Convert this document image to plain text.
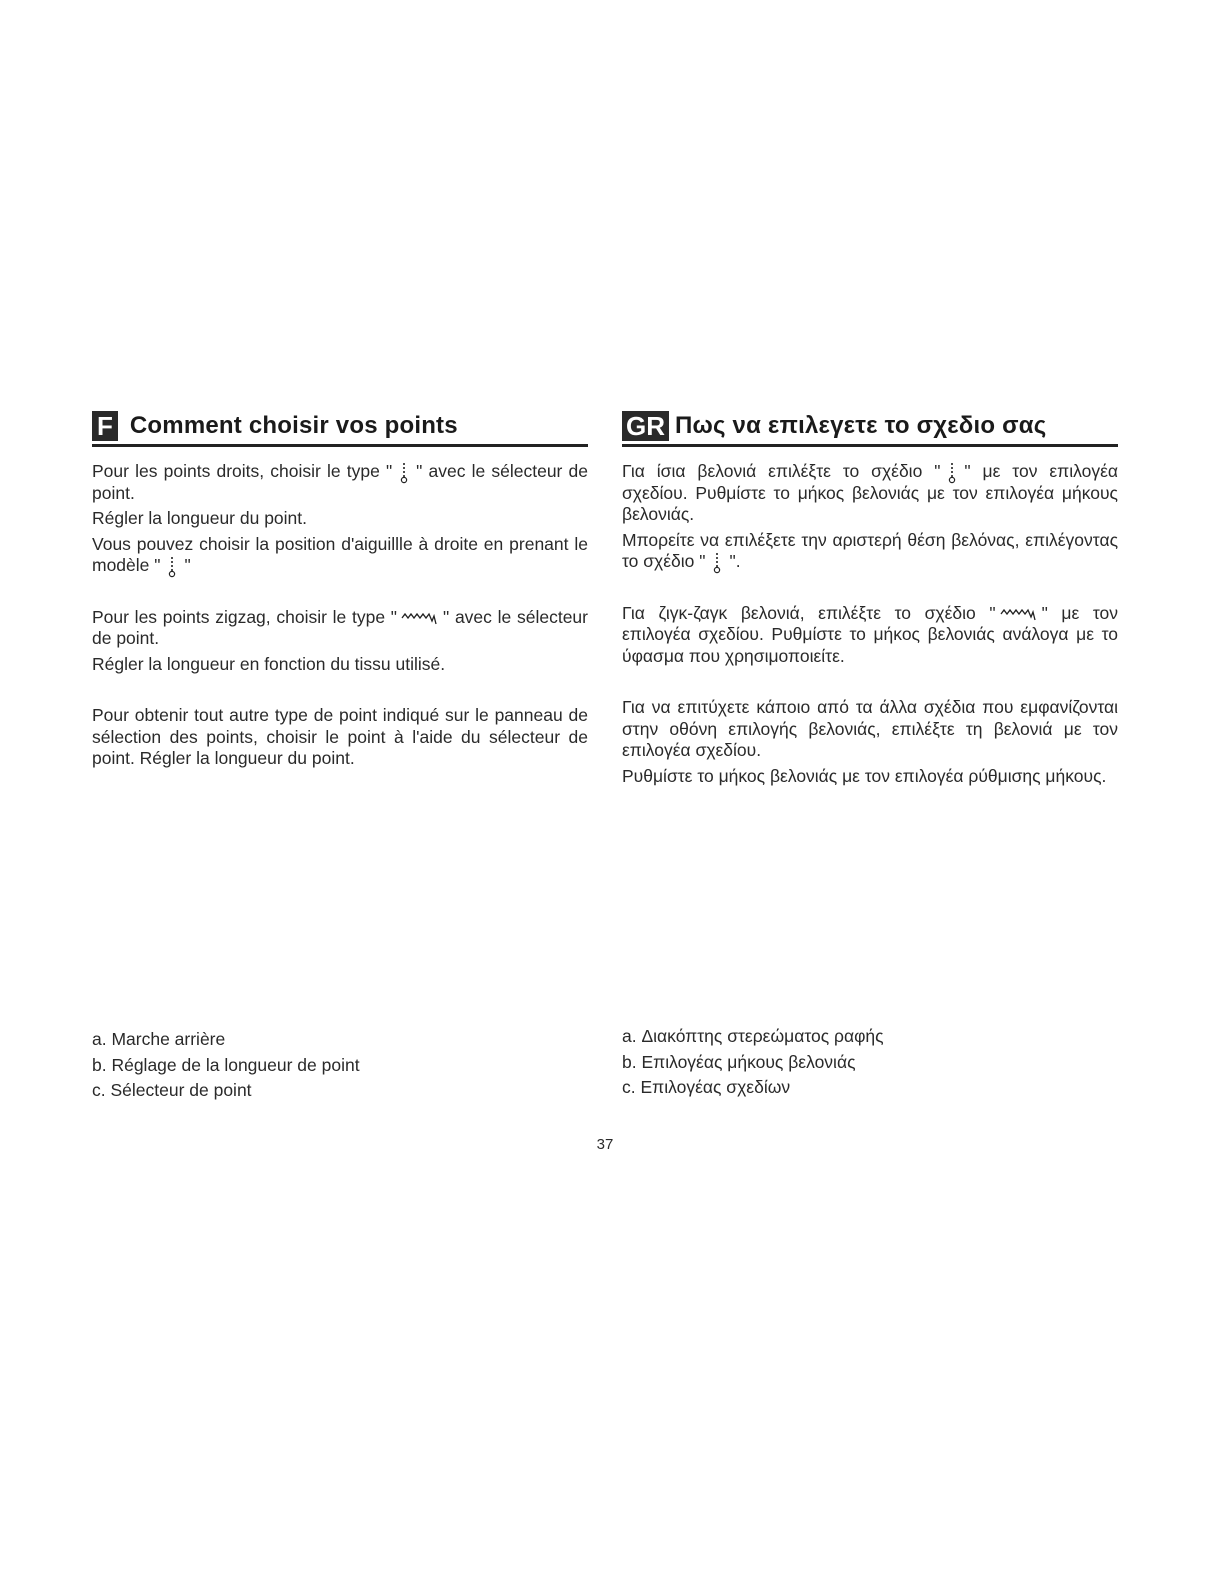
F Comment choisir vos points

Pour les points droits, choisir le type " " avec le sélecteur de point.

Régler la longueur du point.

Vous pouvez choisir la position d'aiguillle à droite en prenant le modèle " "

Pour les points zigzag, choisir le type "	" avec le sélecteur de point.

Régler la longueur en fonction du tissu utilisé.

Pour obtenir tout autre type de point indiqué sur le panneau de sélection des points, choisir le point à l'aide du sélecteur de point. Régler la longueur du point.

GR Πως να επιλεγετε το σχεδιο σας

Για ίσια βελονιά επιλέξτε το σχέδιο " " με τον επιλογέα σχεδίου. Ρυθμίστε το μήκος βελονιάς με τον επιλογέα μήκους βελονιάς.

Μπορείτε να επιλέξετε την αριστερή θέση βελόνας, επιλέγοντας το σχέδιο " ".

Για ζιγκ-ζαγκ βελονιά, επιλέξτε το σχέδιο "	" με τον επιλογέα σχεδίου. Ρυθμίστε το μήκος βελονιάς ανάλογα με το ύφασμα που χρησιμοποιείτε.

Για να επιτύχετε κάποιο από τα άλλα σχέδια που εμφανίζονται στην οθόνη επιλογής βελονιάς, επιλέξτε τη βελονιά με τον επιλογέα σχεδίου.

Ρυθμίστε το μήκος βελονιάς με τον επιλογέα ρύθμισης μήκους.

a. Marche arrière
b. Réglage de la longueur de point
c. Sélecteur de point
a. Διακόπτης στερεώματος ραφής
b. Επιλογέας μήκους βελονιάς
c. Επιλογέας σχεδίων
37
